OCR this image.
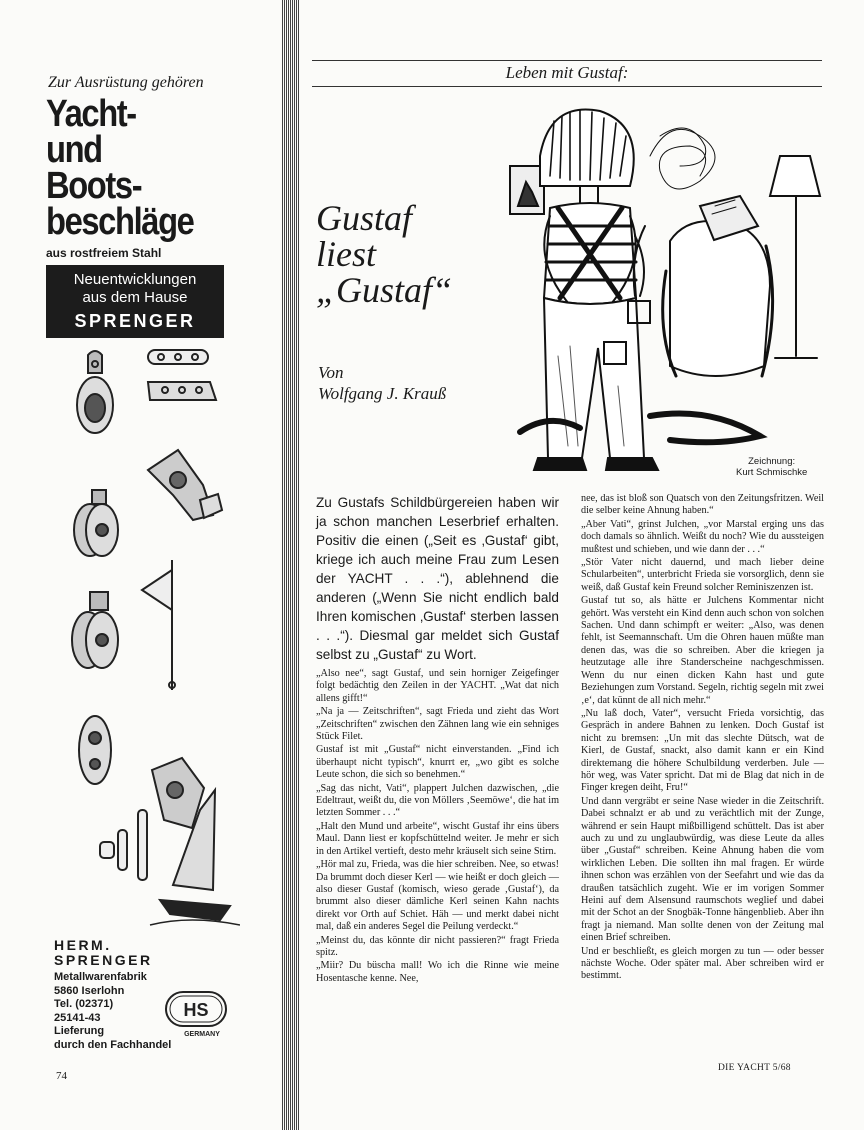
Zur Ausrüstung gehören
Yacht-
und
Boots-
beschläge
aus rostfreiem Stahl
Neuentwicklungen
aus dem Hause
SPRENGER
HERM.
SPRENGER
Metallwarenfabrik
5860 Iserlohn
Tel. (02371)
25141-43
Lieferung
durch den Fachhandel
HS
GERMANY
74
Leben mit Gustaf:
Gustaf
liest
„Gustaf“
Von
Wolfgang J. Krauß
Zeichnung:
Kurt Schmischke

Zu Gustafs Schildbürgereien haben wir ja schon manchen Leserbrief erhalten. Positiv die einen („Seit es ‚Gustaf‘ gibt, kriege ich auch meine Frau zum Lesen der YACHT . . .“), ablehnend die anderen („Wenn Sie nicht endlich bald Ihren komischen ‚Gustaf‘ sterben lassen . . .“). Diesmal gar meldet sich Gustaf selbst zu „Gustaf“ zu Wort.

„Also nee“, sagt Gustaf, und sein horniger Zeigefinger folgt bedächtig den Zeilen in der YACHT. „Wat dat nich allens gifft!“

„Na ja — Zeitschriften“, sagt Frieda und zieht das Wort „Zeitschriften“ zwischen den Zähnen lang wie ein sehniges Stück Filet.

Gustaf ist mit „Gustaf“ nicht einverstanden. „Find ich überhaupt nicht typisch“, knurrt er, „wo gibt es solche Leute schon, die sich so benehmen.“

„Sag das nicht, Vati“, plappert Julchen dazwischen, „die Edeltraut, weißt du, die von Möllers ‚Seemöwe‘, die hat im letzten Sommer . . .“

„Halt den Mund und arbeite“, wischt Gustaf ihr eins übers Maul. Dann liest er kopfschüttelnd weiter. Je mehr er sich in den Artikel vertieft, desto mehr kräuselt sich seine Stirn.

„Hör mal zu, Frieda, was die hier schreiben. Nee, so etwas! Da brummt doch dieser Kerl — wie heißt er doch gleich — also dieser Gustaf (komisch, wieso gerade ‚Gustaf‘), da brummt also dieser dämliche Kerl seinen Kahn nachts direkt vor Orth auf Schiet. Häh — und merkt dabei nicht mal, daß ein anderes Segel die Peilung verdeckt.“

„Meinst du, das könnte dir nicht passieren?“ fragt Frieda spitz.

„Miir? Du büscha mall! Wo ich die Rinne wie meine Hosentasche kenne. Nee,

nee, das ist bloß son Quatsch von den Zeitungsfritzen. Weil die selber keine Ahnung haben.“

„Aber Vati“, grinst Julchen, „vor Marstal erging uns das doch damals so ähnlich. Weißt du noch? Wie du aussteigen mußtest und schieben, und wie dann der . . .“

„Stör Vater nicht dauernd, und mach lieber deine Schularbeiten“, unterbricht Frieda sie vorsorglich, denn sie weiß, daß Gustaf kein Freund solcher Reminiszenzen ist.

Gustaf tut so, als hätte er Julchens Kommentar nicht gehört. Was versteht ein Kind denn auch schon von solchen Sachen. Und dann schimpft er weiter: „Also, was denen fehlt, ist Seemannschaft. Um die Ohren hauen müßte man denen das, was die so schreiben. Aber die kriegen ja heutzutage alle ihre Standerscheine nachgeschmissen. Wenn du nur einen dicken Kahn hast und gute Beziehungen zum Vorstand. Segeln, richtig segeln mit zwei ‚e‘, dat künnt de all nich mehr.“

„Nu laß doch, Vater“, versucht Frieda vorsichtig, das Gespräch in andere Bahnen zu lenken. Doch Gustaf ist nicht zu bremsen: „Un mit das slechte Dütsch, wat de Kierl, de Gustaf, snackt, also damit kann er ein Kind direktemang die höhere Schulbildung verderben. Jule — hör weg, was Vater spricht. Dat mi de Blag dat nich in de Finger kregen deiht, Fru!“

Und dann vergräbt er seine Nase wieder in die Zeitschrift. Dabei schnalzt er ab und zu verächtlich mit der Zunge, während er sein Haupt mißbilligend schüttelt. Das ist aber auch zu und zu unglaubwürdig, was diese Leute da alles über „Gustaf“ schreiben. Keine Ahnung haben die vom wirklichen Leben. Die sollten ihn mal fragen. Er würde ihnen schon was erzählen von der Seefahrt und wie das da draußen tatsächlich zugeht. Wie er im vorigen Sommer Heini auf dem Alsensund raumschots weglief und dabei mit der Schot an der Snogbäk-Tonne hängenblieb. Aber ihn fragt ja niemand. Man sollte denen von der Zeitung mal einen Brief schreiben.

Und er beschließt, es gleich morgen zu tun — oder besser nächste Woche. Oder später mal. Aber schreiben wird er bestimmt.

DIE YACHT 5/68
